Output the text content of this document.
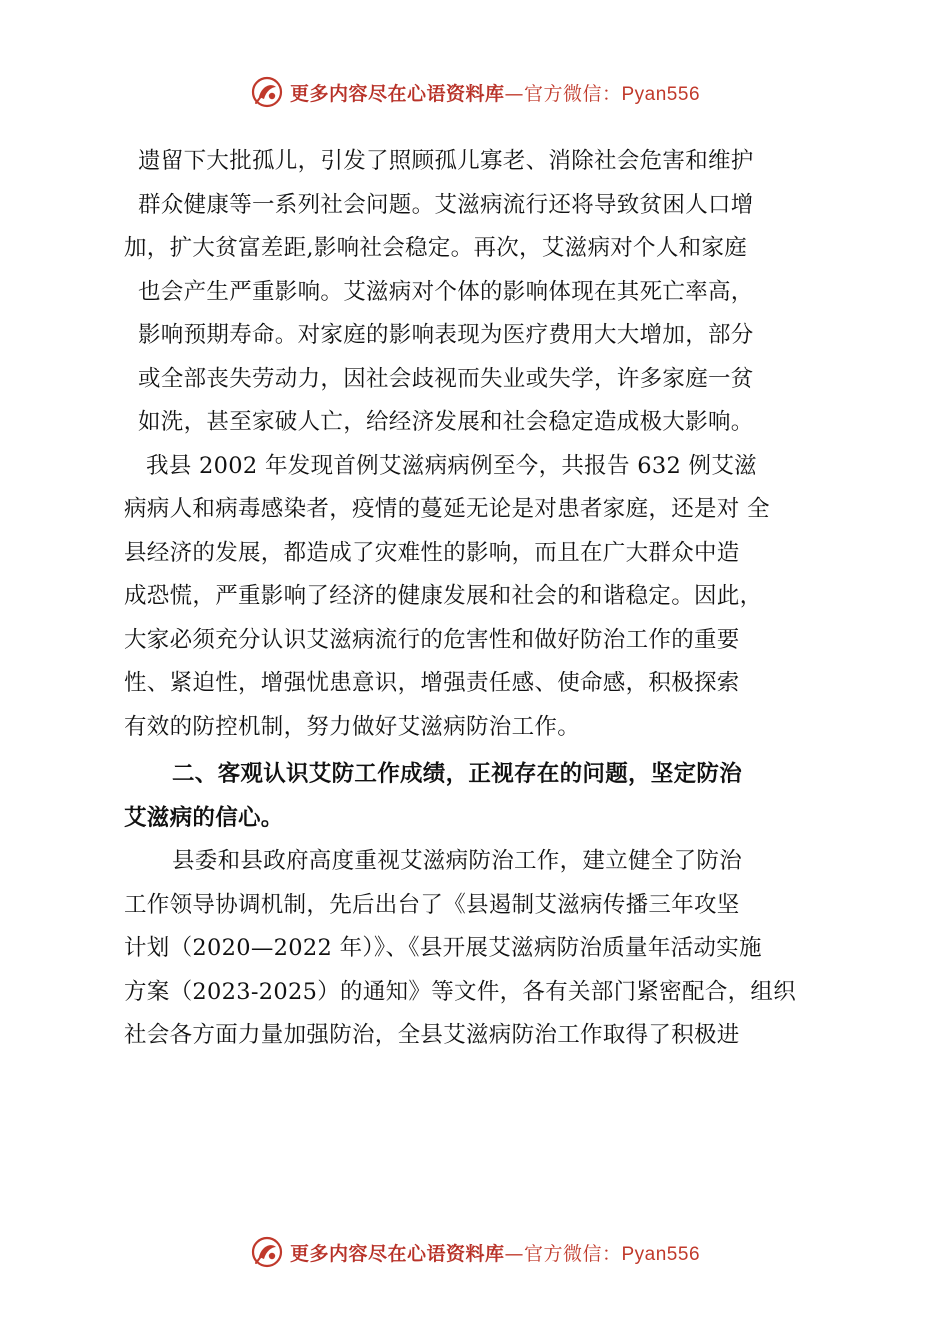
更多内容尽在心语资料库—官方微信：Pyan556
遗留下大批孤儿，引发了照顾孤儿寡老、消除社会危害和维护
群众健康等一系列社会问题。艾滋病流行还将导致贫困人口增
加，扩大贫富差距,影响社会稳定。再次，艾滋病对个人和家庭
也会产生严重影响。艾滋病对个体的影响体现在其死亡率高，
影响预期寿命。对家庭的影响表现为医疗费用大大增加，部分
或全部丧失劳动力，因社会歧视而失业或失学，许多家庭一贫
如洗，甚至家破人亡，给经济发展和社会稳定造成极大影响。
我县 2002 年发现首例艾滋病病例至今，共报告 632 例艾滋
病病人和病毒感染者，疫情的蔓延无论是对患者家庭，还是对 全
县经济的发展，都造成了灾难性的影响，而且在广大群众中造
成恐慌，严重影响了经济的健康发展和社会的和谐稳定。因此，
大家必须充分认识艾滋病流行的危害性和做好防治工作的重要
性、紧迫性，增强忧患意识，增强责任感、使命感，积极探索
有效的防控机制，努力做好艾滋病防治工作。
二、客观认识艾防工作成绩，正视存在的问题，坚定防治
艾滋病的信心。
县委和县政府高度重视艾滋病防治工作，建立健全了防治
工作领导协调机制，先后出台了《县遏制艾滋病传播三年攻坚
计划（2020—2022 年）》、《县开展艾滋病防治质量年活动实施
方案（2023-2025）的通知》等文件，各有关部门紧密配合，组织
社会各方面力量加强防治，全县艾滋病防治工作取得了积极进
更多内容尽在心语资料库—官方微信：Pyan556
